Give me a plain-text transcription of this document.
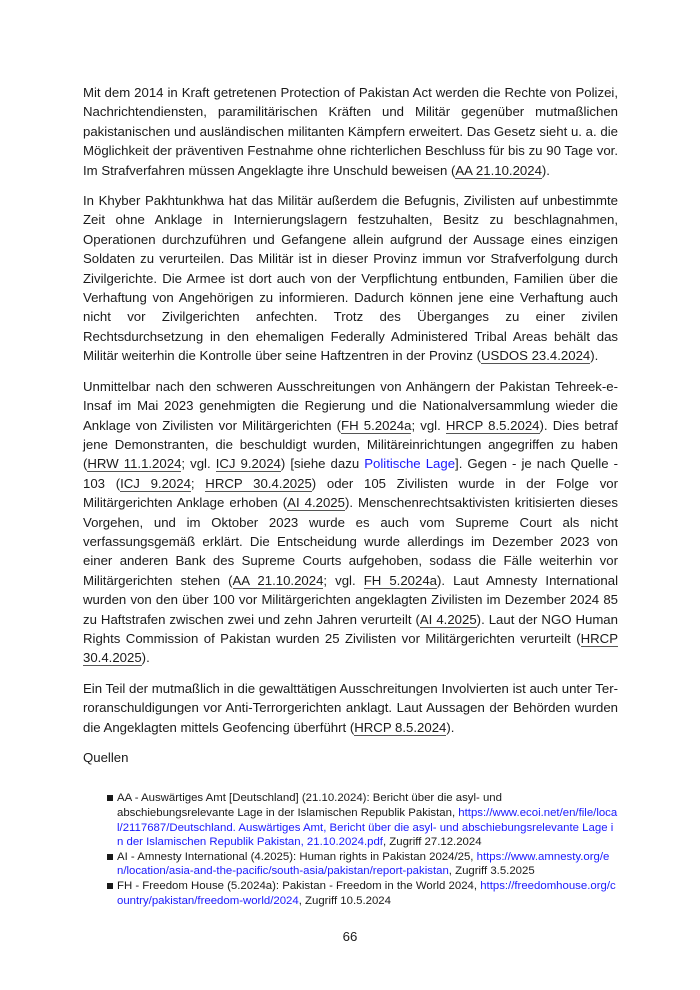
Mit dem 2014 in Kraft getretenen Protection of Pakistan Act werden die Rechte von Polizei, Nachrichtendiensten, paramilitärischen Kräften und Militär gegenüber mutmaßlichen pakistanischen und ausländischen militanten Kämpfern erweitert. Das Gesetz sieht u. a. die Möglichkeit der präventiven Festnahme ohne richterlichen Beschluss für bis zu 90 Tage vor. Im Strafverfahren müssen Angeklagte ihre Unschuld beweisen (AA 21.10.2024).

In Khyber Pakhtunkhwa hat das Militär außerdem die Befugnis, Zivilisten auf unbestimmte Zeit ohne Anklage in Internierungslagern festzuhalten, Besitz zu beschlagnahmen, Operationen durchzuführen und Gefangene allein aufgrund der Aussage eines einzigen Soldaten zu verurteilen. Das Militär ist in dieser Provinz immun vor Strafverfolgung durch Zivilgerichte. Die Armee ist dort auch von der Verpflichtung entbunden, Familien über die Verhaftung von Angehörigen zu informieren. Dadurch können jene eine Verhaftung auch nicht vor Zivilgerichten anfechten. Trotz des Überganges zu einer zivilen Rechtsdurchsetzung in den ehemaligen Federally Administered Tribal Areas behält das Militär weiterhin die Kontrolle über seine Haftzentren in der Provinz (USDOS 23.4.2024).

Unmittelbar nach den schweren Ausschreitungen von Anhängern der Pakistan Tehreek-e-Insaf im Mai 2023 genehmigten die Regierung und die Nationalversammlung wieder die Anklage von Zivilisten vor Militärgerichten (FH 5.2024a; vgl. HRCP 8.5.2024). Dies betraf jene Demonstranten, die beschuldigt wurden, Militäreinrichtungen angegriffen zu haben (HRW 11.1.2024; vgl. ICJ 9.2024) [siehe dazu Politische Lage]. Gegen - je nach Quelle - 103 (ICJ 9.2024; HRCP 30.4.2025) oder 105 Zivilisten wurde in der Folge vor Militärgerichten Anklage erhoben (AI 4.2025). Menschenrechtsaktivisten kritisierten dieses Vorgehen, und im Oktober 2023 wurde es auch vom Supreme Court als nicht verfassungsgemäß erklärt. Die Entscheidung wurde allerdings im Dezember 2023 von einer anderen Bank des Supreme Courts aufgehoben, sodass die Fälle weiterhin vor Militärgerichten stehen (AA 21.10.2024; vgl. FH 5.2024a). Laut Amnesty International wurden von den über 100 vor Militärgerichten angeklagten Zivilisten im Dezember 2024 85 zu Haftstrafen zwischen zwei und zehn Jahren verurteilt (AI 4.2025). Laut der NGO Human Rights Commission of Pakistan wurden 25 Zivilisten vor Militärgerichten verurteilt (HRCP 30.4.2025).

Ein Teil der mutmaßlich in die gewalttätigen Ausschreitungen Involvierten ist auch unter Terroranschuldigungen vor Anti-Terrorgerichten anklagt. Laut Aussagen der Behörden wurden die Angeklagten mittels Geofencing überführt (HRCP 8.5.2024).

Quellen
AA - Auswärtiges Amt [Deutschland] (21.10.2024): Bericht über die asyl- und abschiebungsrelevante Lage in der Islamischen Republik Pakistan, https://www.ecoi.net/en/file/local/2117687/Deutschland. Auswärtiges Amt, Bericht über die asyl- und abschiebungsrelevante Lage in der Islamischen Republik Pakistan, 21.10.2024.pdf, Zugriff 27.12.2024
AI - Amnesty International (4.2025): Human rights in Pakistan 2024/25, https://www.amnesty.org/en/location/asia-and-the-pacific/south-asia/pakistan/report-pakistan, Zugriff 3.5.2025
FH - Freedom House (5.2024a): Pakistan - Freedom in the World 2024, https://freedomhouse.org/country/pakistan/freedom-world/2024, Zugriff 10.5.2024
66
